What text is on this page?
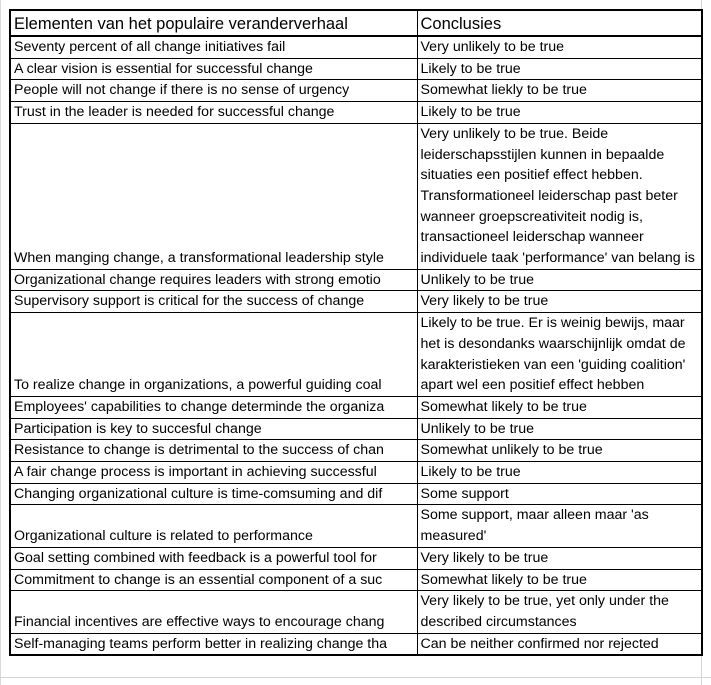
Elementen van het populaire veranderverhaal	Conclusies
Seventy percent of all change initiatives fail	Very unlikely to be true
A clear vision is essential for successful change	Likely to be true
People will not change if there is no sense of urgency	Somewhat liekly to be true
Trust in the leader is needed for successful change	Likely to be true
When manging change, a transformational leadership style	Very unlikely to be true. Beide leiderschapsstijlen kunnen in bepaalde situaties een positief effect hebben. Transformationeel leiderschap past beter wanneer groepscreativiteit nodig is, transactioneel leiderschap wanneer individuele taak 'performance' van belang is
Organizational change requires leaders with strong emotio	Unlikely to be true
Supervisory support is critical for the success of change	Very likely to be true
To realize change in organizations, a powerful guiding coal	Likely to be true. Er is weinig bewijs, maar het is desondanks waarschijnlijk omdat de karakteristieken van een 'guiding coalition' apart wel een positief effect hebben
Employees' capabilities to change determinde the organiza	Somewhat likely to be true
Participation is key to succesful change	Unlikely to be true
Resistance to change is detrimental to the success of chan	Somewhat unlikely to be true
A fair change process is important in achieving successful	Likely to be true
Changing organizational culture is time-comsuming and dif	Some support
Organizational culture is related to performance	Some support, maar alleen maar 'as measured'
Goal setting combined with feedback is a powerful tool for	Very likely to be true
Commitment to change is an essential component of a suc	Somewhat likely to be true
Financial incentives are effective ways to encourage chang	Very likely to be true, yet only under the described circumstances
Self-managing teams perform better in realizing change tha	Can be neither confirmed nor rejected
